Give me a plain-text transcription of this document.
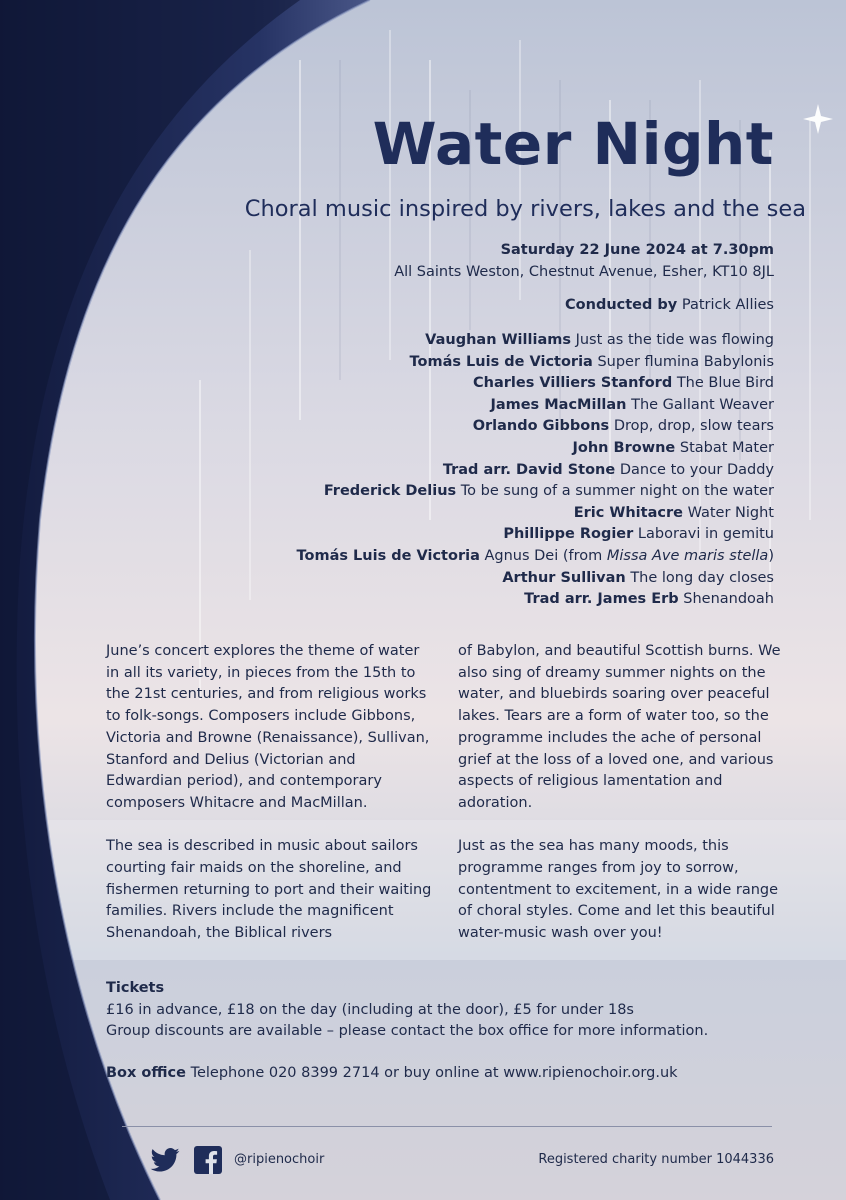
Water Night
Choral music inspired by rivers, lakes and the sea
Saturday 22 June 2024 at 7.30pm
All Saints Weston, Chestnut Avenue, Esher, KT10 8JL
Conducted by Patrick Allies
Vaughan Williams Just as the tide was flowing
Tomás Luis de Victoria Super flumina Babylonis
Charles Villiers Stanford The Blue Bird
James MacMillan The Gallant Weaver
Orlando Gibbons Drop, drop, slow tears
John Browne Stabat Mater
Trad arr. David Stone Dance to your Daddy
Frederick Delius To be sung of a summer night on the water
Eric Whitacre Water Night
Phillippe Rogier Laboravi in gemitu
Tomás Luis de Victoria Agnus Dei (from Missa Ave maris stella)
Arthur Sullivan The long day closes
Trad arr. James Erb Shenandoah

June’s concert explores the theme of water in all its variety, in pieces from the 15th to the 21st centuries, and from religious works to folk-songs. Composers include Gibbons, Victoria and Browne (Renaissance), Sullivan, Stanford and Delius (Victorian and Edwardian period), and contemporary composers Whitacre and MacMillan.

The sea is described in music about sailors courting fair maids on the shoreline, and fishermen returning to port and their waiting families. Rivers include the magnificent Shenandoah, the Biblical rivers

of Babylon, and beautiful Scottish burns. We also sing of dreamy summer nights on the water, and bluebirds soaring over peaceful lakes. Tears are a form of water too, so the programme includes the ache of personal grief at the loss of a loved one, and various aspects of religious lamentation and adoration.

Just as the sea has many moods, this programme ranges from joy to sorrow, contentment to excitement, in a wide range of choral styles. Come and let this beautiful water-music wash over you!

Tickets
£16 in advance, £18 on the day (including at the door), £5 for under 18s
Group discounts are available – please contact the box office for more information.
Box office Telephone 020 8399 2714 or buy online at www.ripienochoir.org.uk
@ripienochoir	Registered charity number 1044336
